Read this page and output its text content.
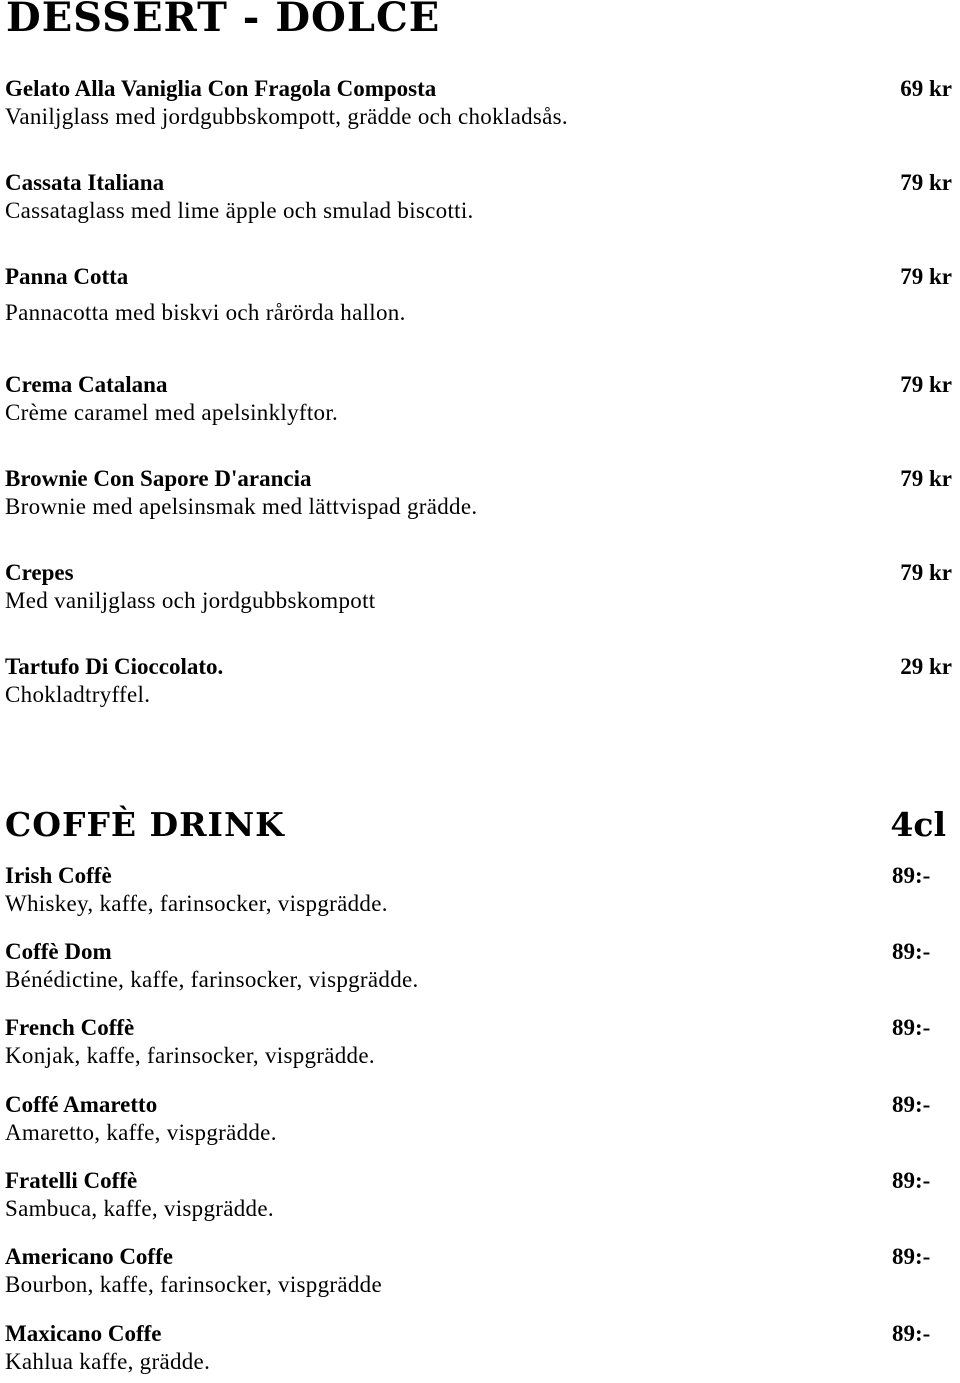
DESSERT - DOLCE
Gelato Alla Vaniglia Con Fragola Composta
Vaniljglass med jordgubbskompott, grädde och chokladsås.
69 kr
Cassata Italiana
Cassataglass med lime äpple och smulad biscotti.
79 kr
Panna Cotta
Pannacotta med biskvi och rårörda hallon.
79 kr
Crema Catalana
Crème caramel med apelsinklyftor.
79 kr
Brownie Con Sapore D'arancia
Brownie med apelsinsmak med lättvispad grädde.
79 kr
Crepes
Med vaniljglass och jordgubbskompott
79 kr
Tartufo Di Cioccolato.
Chokladtryffel.
29 kr
COFFÈ DRINK	4cl
Irish Coffè
Whiskey, kaffe, farinsocker, vispgrädde.
89:-
Coffè Dom
Bénédictine, kaffe, farinsocker, vispgrädde.
89:-
French Coffè
Konjak, kaffe, farinsocker, vispgrädde.
89:-
Coffé Amaretto
Amaretto, kaffe, vispgrädde.
89:-
Fratelli Coffè
Sambuca, kaffe, vispgrädde.
89:-
Americano Coffe
Bourbon, kaffe, farinsocker, vispgrädde
89:-
Maxicano Coffe
Kahlua kaffe, grädde.
89:-
